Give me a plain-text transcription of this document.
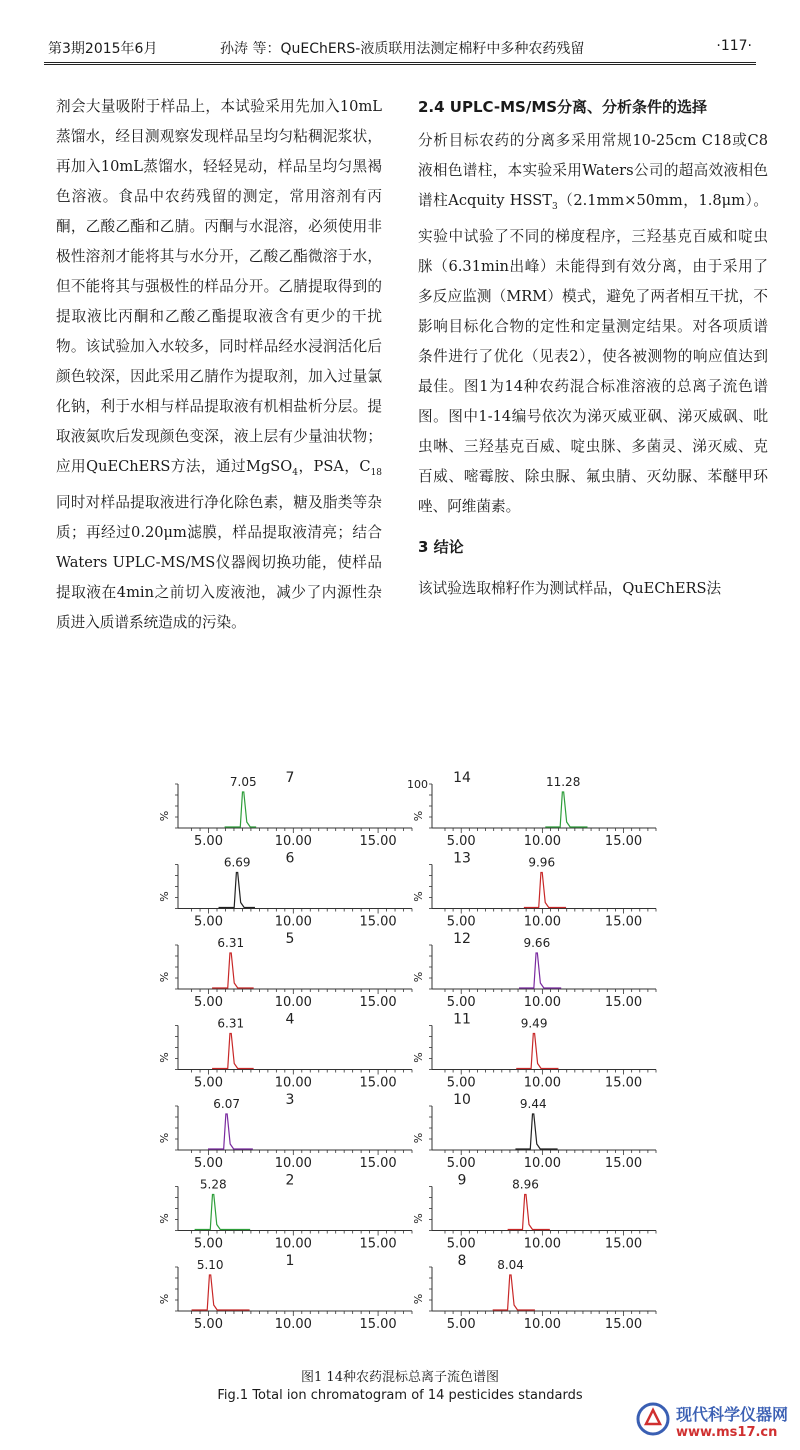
第3期2015年6月	孙涛 等：QuEChERS-液质联用法测定棉籽中多种农药残留	·117·

剂会大量吸附于样品上，本试验采用先加入10mL蒸馏水，经目测观察发现样品呈均匀粘稠泥浆状，再加入10mL蒸馏水，轻轻晃动，样品呈均匀黑褐色溶液。食品中农药残留的测定，常用溶剂有丙酮，乙酸乙酯和乙腈。丙酮与水混溶，必须使用非极性溶剂才能将其与水分开，乙酸乙酯微溶于水，但不能将其与强极性的样品分开。乙腈提取得到的提取液比丙酮和乙酸乙酯提取液含有更少的干扰物。该试验加入水较多，同时样品经水浸润活化后颜色较深，因此采用乙腈作为提取剂，加入过量氯化钠，利于水相与样品提取液有机相盐析分层。提取液氮吹后发现颜色变深，液上层有少量油状物；应用QuEChERS方法，通过MgSO$_4$，PSA，$C_{18}$同时对样品提取液进行净化除色素，糖及脂类等杂质；再经过0.20μm滤膜，样品提取液清亮；结合Waters UPLC-MS/MS仪器阀切换功能，使样品提取液在4min之前切入废液池，减少了内源性杂质进入质谱系统造成的污染。

2.4 UPLC-MS/MS分离、分析条件的选择

分析目标农药的分离多采用常规10-25cm C18或C8液相色谱柱，本实验采用Waters公司的超高效液相色谱柱Acquity $HSST_3(2.1mm\times 50mm$，1.8μm）。实验中试验了不同的梯度程序，三羟基克百威和啶虫脒（6.31min出峰）未能得到有效分离，由于采用了多反应监测（MRM）模式，避免了两者相互干扰，不影响目标化合物的定性和定量测定结果。对各项质谱条件进行了优化（见表2），使各被测物的响应值达到最佳。图1为14种农药混合标准溶液的总离子流色谱图。图中1-14编号依次为涕灭威亚砜、涕灭威砜、吡虫啉、三羟基克百威、啶虫脒、多菌灵、涕灭威、克百威、嘧霉胺、除虫脲、氟虫腈、灭幼脲、苯醚甲环唑、阿维菌素。

3 结论

该试验选取棉籽作为测试样品，QuEChERS法

5.00	10.00	15.00
%
7.05 7
5.00	10.00	15.00
%
6.69	6
5.00	10.00	15.00
%
6.31	5
5.00	10.00	15.00
%
6.31	4
5.00	10.00	15.00
%
6.07	3
5.00	10.00	15.00
%
5.28	2
5.00	10.00	15.00
%
5.10	1
5.00	10.00	15.00
%
100	11.28
14
5.00	10.00	15.00
%
9.96
13
5.00	10.00	15.00
%
9.66
12
5.00	10.00	15.00
%
9.49
11
5.00	10.00	15.00
%
9.44
10
5.00	10.00	15.00
%
8.96
9
5.00	10.00	15.00
%
8.04
8
图1 14种农药混标总离子流色谱图
Fig.1 Total ion chromatogram of 14 pesticides standards
现代科学仪器网
www.ms17.cn
